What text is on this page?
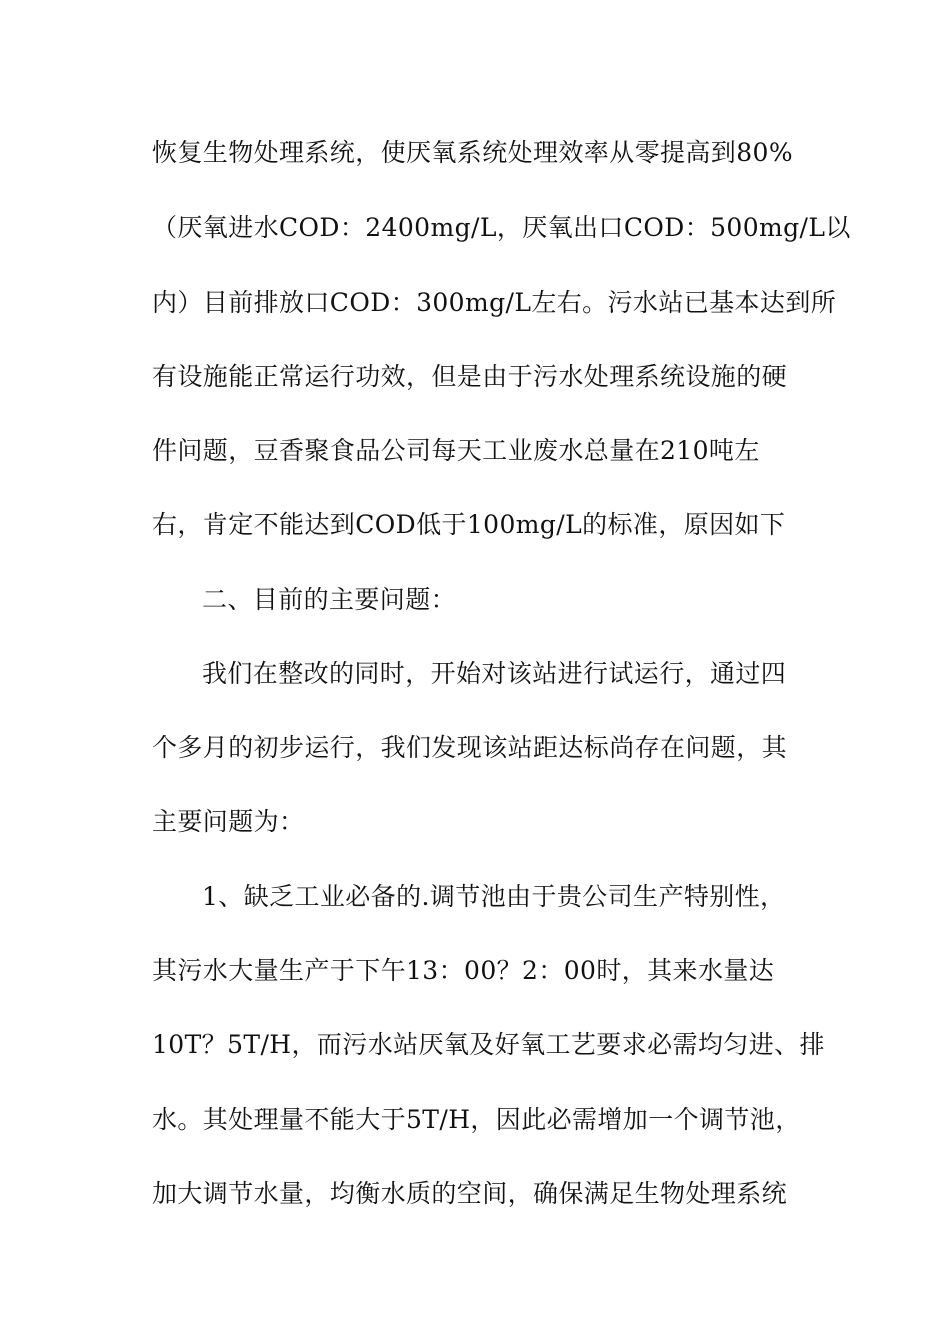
恢复生物处理系统，使厌氧系统处理效率从零提高到80%
（厌氧进水COD：2400mg/L，厌氧出口COD：500mg/L以
内）目前排放口COD：300mg/L左右。污水站已基本达到所
有设施能正常运行功效，但是由于污水处理系统设施的硬
件问题，豆香聚食品公司每天工业废水总量在210吨左
右，肯定不能达到COD低于100mg/L的标准，原因如下
二、目前的主要问题：
我们在整改的同时，开始对该站进行试运行，通过四
个多月的初步运行，我们发现该站距达标尚存在问题，其
主要问题为：
1、缺乏工业必备的.调节池由于贵公司生产特别性，
其污水大量生产于下午13：00？2：00时，其来水量达
10T？5T/H，而污水站厌氧及好氧工艺要求必需均匀进、排
水。其处理量不能大于5T/H，因此必需增加一个调节池，
加大调节水量，均衡水质的空间，确保满足生物处理系统
